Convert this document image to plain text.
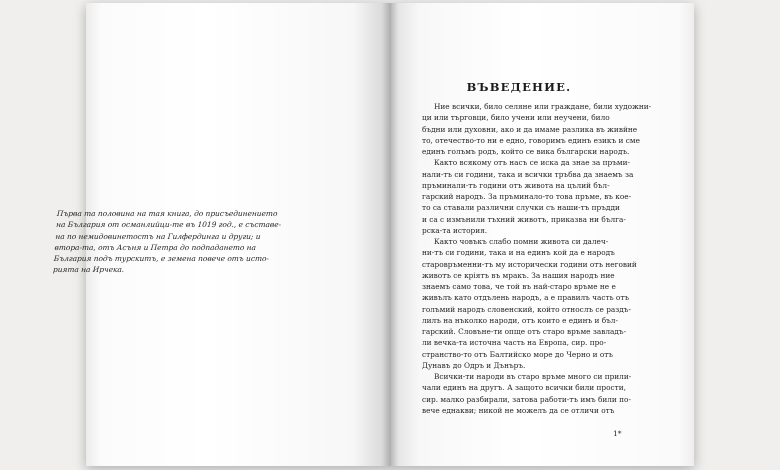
Първа та половина на тая книга, до присъединението
на България от османлийци-те въ 1019 год., е съставе-
на по немидовинетостъ на Гилфердинга и други; и
втора-та, отъ Асъня и Петра до подпадането на
България подъ турскитъ, е земена повече отъ исто-
рията на Ирчека.

ВЪВЕДЕНИЕ.

Ние всички, било селяне или граждане, били художни-
ци или търговци, било учени или неучени, било
бъдни или духовни, ако и да имаме разлика въ живйне
то, отечество-то ни е едно, говоримъ единъ езикъ и сме
единъ голъмъ родъ, който се вика български народъ.
Както всякому отъ насъ се иска да знае за пръми-
нали-тъ си години, така и всички тръбва да знаемъ за
пръминали-тъ години отъ живота на цълий бъл-
гарский народъ. За пръминало-то това пръме, въ кое-
то са ставали различни случки съ наши-тъ пръдди
и са с измънили тъхний животъ, приказва ни бълга-
рска-та история.
Както човъкъ слабо помни живота си далеч-
ни-тъ си години, така и на единъ кой да е народъ
старовръменни-тъ му исторически години отъ неговий
животъ се кріятъ въ мракъ. За нашия народъ ние
знаемъ само това, че той въ най-старо връме не е
живълъ като отдълень народъ, а е правилъ часть отъ
голъмий народъ словенский, който относлъ се раздъ-
лилъ на нъколко народи, отъ които е единъ и бъл-
гарский. Словъне-ти опще отъ старо връме завладъ-
ли вечка-та источна часть на Европа, сир. про-
странство-то отъ Балтийско море до Черно и отъ
Дунавъ до Одръ и Дънъръ.
Всички-ти народи въ старо връме много си прили-
чали единъ на другъ. А защото всички били прости,
сир. малко разбирали, затова работи-тъ имъ били по-
вече еднакви; никой не можелъ да се отличи отъ

1*
